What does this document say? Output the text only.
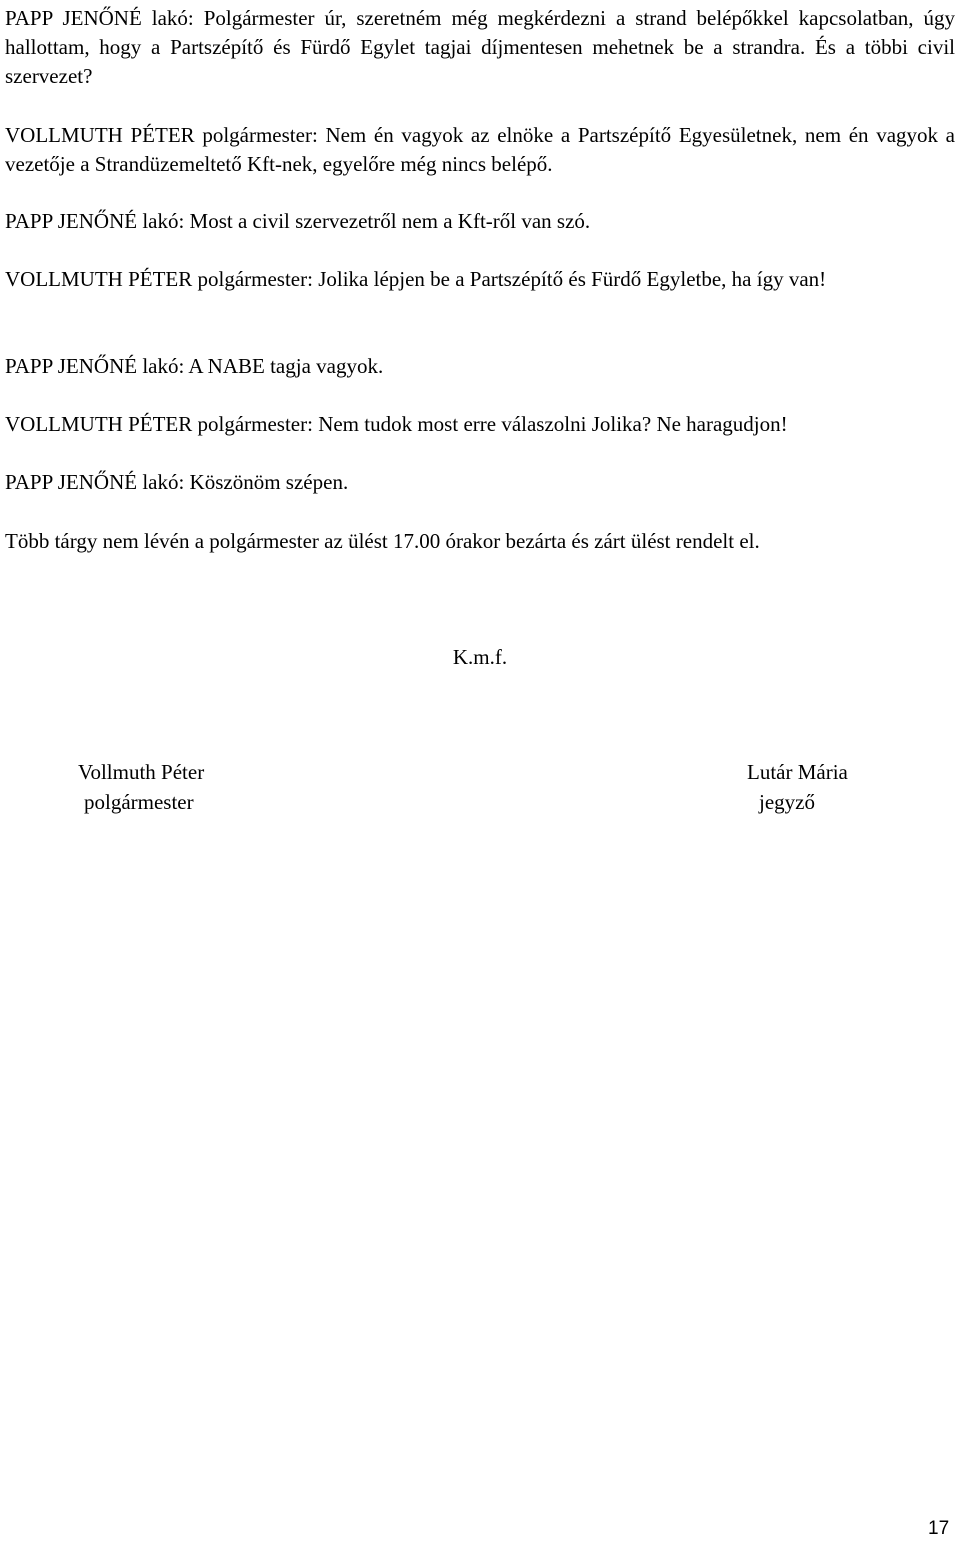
PAPP JENŐNÉ lakó: Polgármester úr, szeretném még megkérdezni a strand belépőkkel kapcsolatban, úgy hallottam, hogy a Partszépítő és Fürdő Egylet tagjai díjmentesen mehetnek be a strandra. És a többi civil szervezet?

VOLLMUTH PÉTER polgármester: Nem én vagyok az elnöke a Partszépítő Egyesületnek, nem én vagyok a vezetője a Strandüzemeltető Kft-nek, egyelőre még nincs belépő.

PAPP JENŐNÉ lakó: Most a civil szervezetről nem a Kft-ről van szó.

VOLLMUTH PÉTER polgármester: Jolika lépjen be a Partszépítő és Fürdő Egyletbe, ha így van!

PAPP JENŐNÉ lakó: A NABE tagja vagyok.

VOLLMUTH PÉTER polgármester: Nem tudok most erre válaszolni Jolika? Ne haragudjon!

PAPP JENŐNÉ lakó: Köszönöm szépen.

Több tárgy nem lévén a polgármester az ülést 17.00 órakor bezárta és zárt ülést rendelt el.

K.m.f.
Vollmuth Péter
polgármester
Lutár Mária
jegyző
17
